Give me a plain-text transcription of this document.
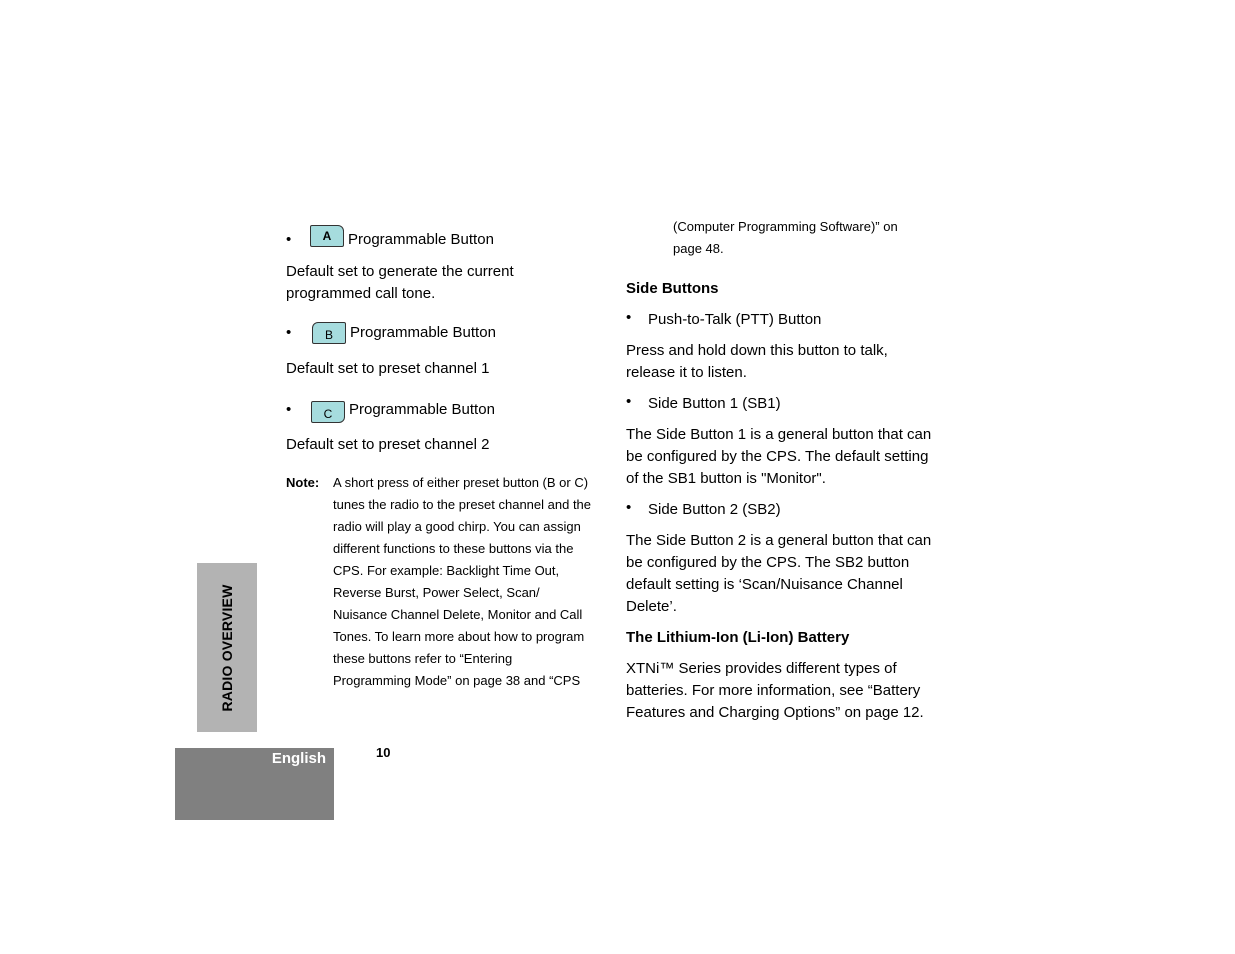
•	A	Programmable Button
Default set to generate the current programmed call tone.
•	B	Programmable Button
Default set to preset channel 1
•	C	Programmable Button
Default set to preset channel 2
Note: A short press of either preset button (B or C)
tunes the radio to the preset channel and the
radio will play a good chirp. You can assign
different functions to these buttons via the
CPS. For example: Backlight Time Out,
Reverse Burst, Power Select, Scan/
Nuisance Channel Delete, Monitor and Call
Tones. To learn more about how to program
these buttons refer to “Entering
Programming Mode” on page 38 and “CPS
(Computer Programming Software)” on
page 48.
Side Buttons
• Push-to-Talk (PTT) Button
Press and hold down this button to talk,
release it to listen.
• Side Button 1 (SB1)
The Side Button 1 is a general button that can
be configured by the CPS. The default setting
of the SB1 button is "Monitor".
• Side Button 2 (SB2)
The Side Button 2 is a general button that can
be configured by the CPS. The SB2 button
default setting is ‘Scan/Nuisance Channel
Delete’.
The Lithium-Ion (Li-Ion) Battery
XTNi™ Series provides different types of
batteries. For more information, see “Battery
Features and Charging Options” on page 12.
RADIO OVERVIEW
English	10
